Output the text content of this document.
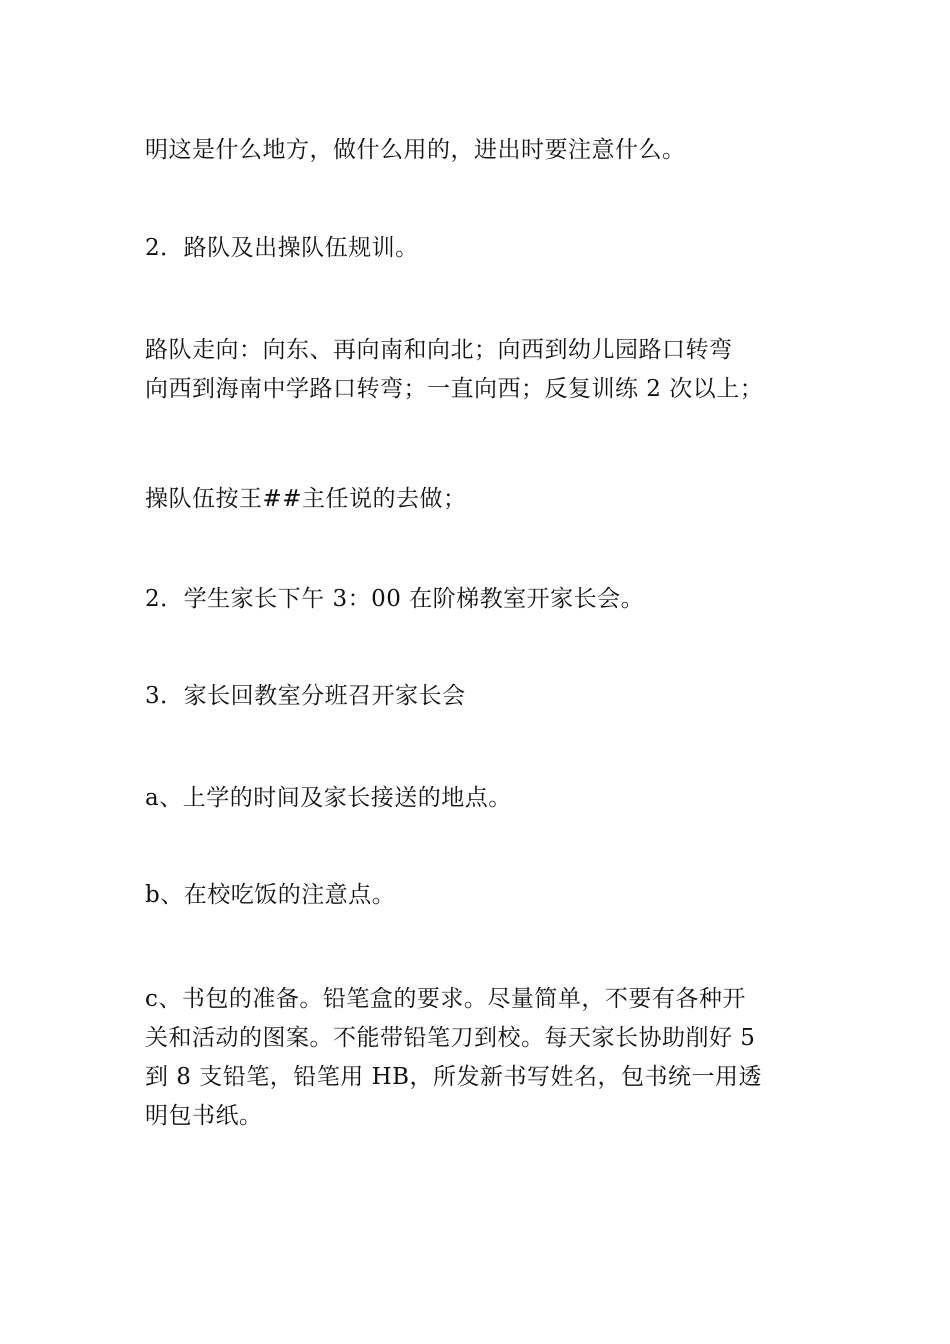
明这是什么地方，做什么用的，进出时要注意什么。

2．路队及出操队伍规训。

路队走向：向东、再向南和向北；向西到幼儿园路口转弯
向西到海南中学路口转弯；一直向西；反复训练 2 次以上；

操队伍按王##主任说的去做；

2．学生家长下午 3：00 在阶梯教室开家长会。

3．家长回教室分班召开家长会

a、上学的时间及家长接送的地点。

b、在校吃饭的注意点。

c、书包的准备。铅笔盒的要求。尽量简单，不要有各种开
关和活动的图案。不能带铅笔刀到校。每天家长协助削好 5
到 8 支铅笔，铅笔用 HB，所发新书写姓名，包书统一用透
明包书纸。
